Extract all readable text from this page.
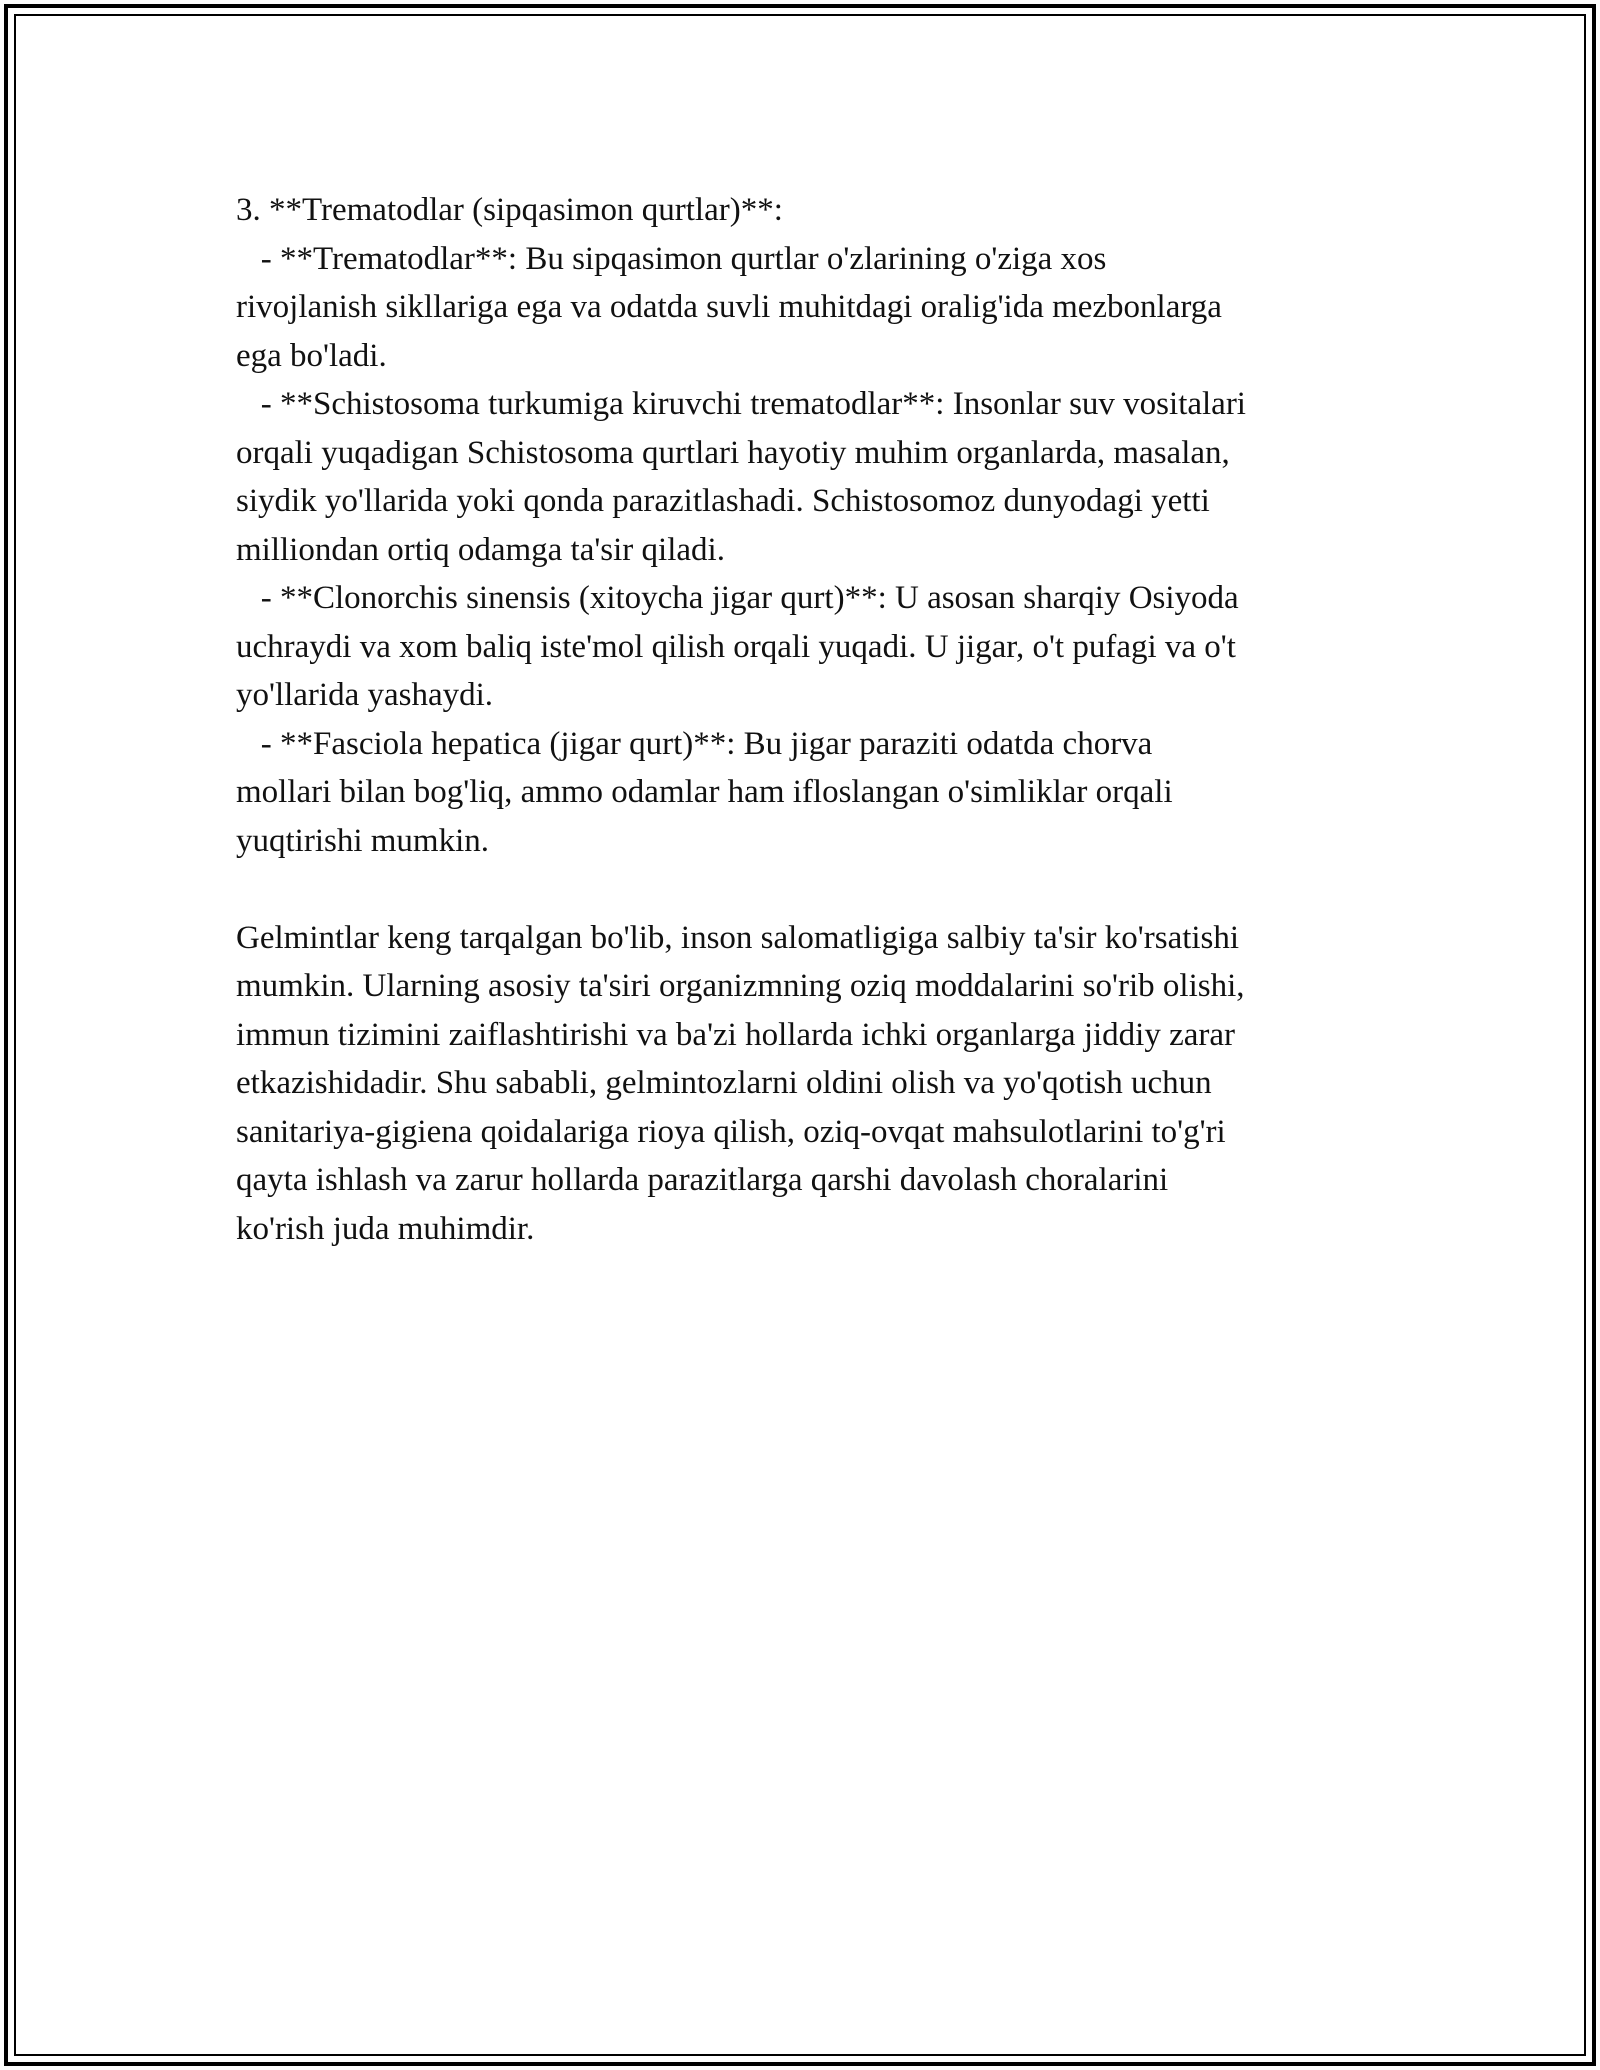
3. **Trematodlar (sipqasimon qurtlar)**:
- **Trematodlar**: Bu sipqasimon qurtlar o'zlarining o'ziga xos
rivojlanish sikllariga ega va odatda suvli muhitdagi oralig'ida mezbonlarga
ega bo'ladi.
- **Schistosoma turkumiga kiruvchi trematodlar**: Insonlar suv vositalari
orqali yuqadigan Schistosoma qurtlari hayotiy muhim organlarda, masalan,
siydik yo'llarida yoki qonda parazitlashadi. Schistosomoz dunyodagi yetti
milliondan ortiq odamga ta'sir qiladi.
- **Clonorchis sinensis (xitoycha jigar qurt)**: U asosan sharqiy Osiyoda
uchraydi va xom baliq iste'mol qilish orqali yuqadi. U jigar, o't pufagi va o't
yo'llarida yashaydi.
- **Fasciola hepatica (jigar qurt)**: Bu jigar paraziti odatda chorva
mollari bilan bog'liq, ammo odamlar ham ifloslangan o'simliklar orqali
yuqtirishi mumkin.
Gelmintlar keng tarqalgan bo'lib, inson salomatligiga salbiy ta'sir ko'rsatishi
mumkin. Ularning asosiy ta'siri organizmning oziq moddalarini so'rib olishi,
immun tizimini zaiflashtirishi va ba'zi hollarda ichki organlarga jiddiy zarar
etkazishidadir. Shu sababli, gelmintozlarni oldini olish va yo'qotish uchun
sanitariya-gigiena qoidalariga rioya qilish, oziq-ovqat mahsulotlarini to'g'ri
qayta ishlash va zarur hollarda parazitlarga qarshi davolash choralarini
ko'rish juda muhimdir.
